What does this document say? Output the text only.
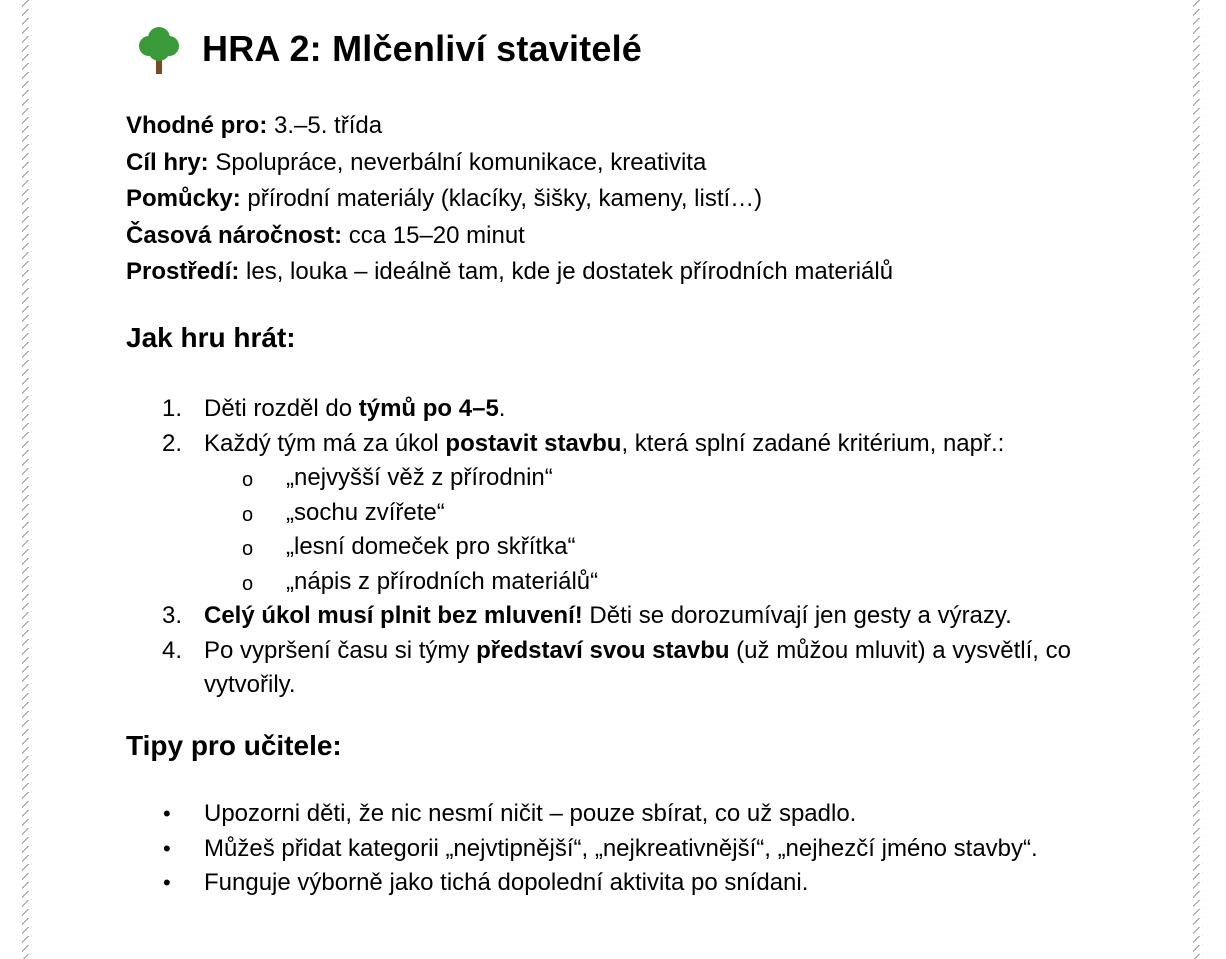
HRA 2: Mlčenliví stavitelé
Vhodné pro: 3.–5. třída
Cíl hry: Spolupráce, neverbální komunikace, kreativita
Pomůcky: přírodní materiály (klacíky, šišky, kameny, listí…)
Časová náročnost: cca 15–20 minut
Prostředí: les, louka – ideálně tam, kde je dostatek přírodních materiálů
Jak hru hrát:
1. Děti rozděl do týmů po 4–5.
2. Každý tým má za úkol postavit stavbu, která splní zadané kritérium, např.:
o „nejvyšší věž z přírodnin“
o „sochu zvířete“
o „lesní domeček pro skřítka“
o „nápis z přírodních materiálů“
3. Celý úkol musí plnit bez mluvení! Děti se dorozumívají jen gesty a výrazy.
4. Po vypršení času si týmy představí svou stavbu (už můžou mluvit) a vysvětlí, co vytvořily.
Tipy pro učitele:
• Upozorni děti, že nic nesmí ničit – pouze sbírat, co už spadlo.
• Můžeš přidat kategorii „nejvtipnější“, „nejkreativnější“, „nejhezčí jméno stavby“.
• Funguje výborně jako tichá dopolední aktivita po snídani.
